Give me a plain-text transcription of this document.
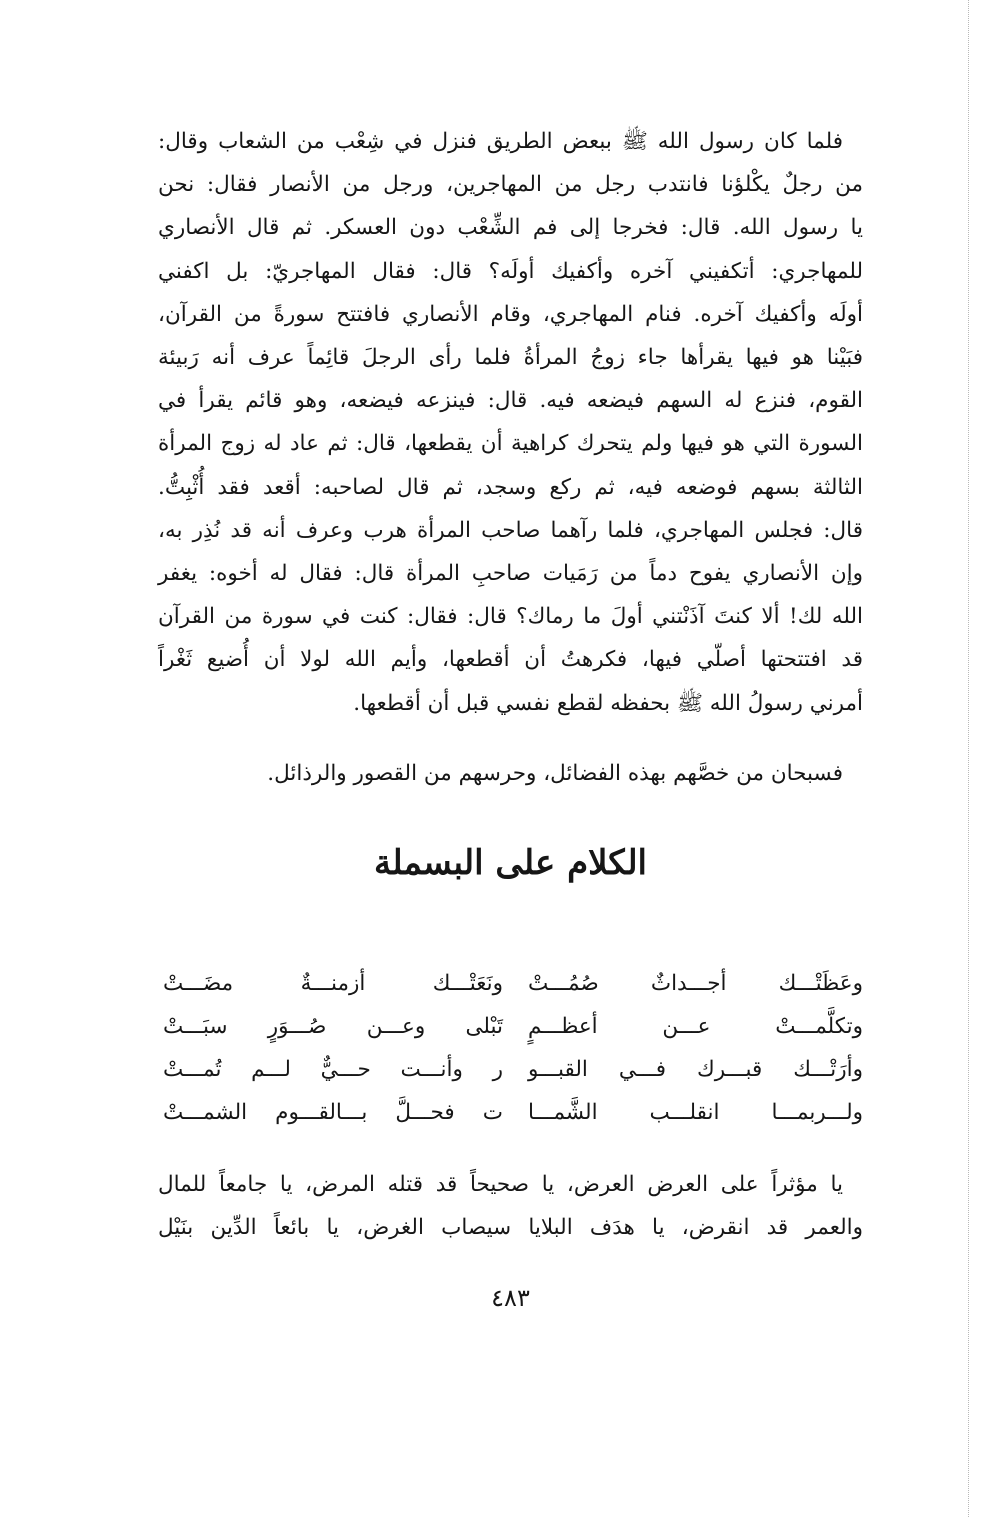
فلما كان رسول الله ﷺ ببعض الطريق فنزل في شِعْب من الشعاب وقال:
من رجلٌ يكْلؤنا فانتدب رجل من المهاجرين، ورجل من الأنصار فقال: نحن
يا رسول الله. قال: فخرجا إلى فم الشِّعْب دون العسكر. ثم قال الأنصاري
للمهاجري: أتكفيني آخره وأكفيك أولَه؟ قال: فقال المهاجريّ: بل اكفني
أولَه وأكفيك آخره. فنام المهاجري، وقام الأنصاري فافتتح سورةً من القرآن،
فبَيْنا هو فيها يقرأها جاء زوجُ المرأةُ فلما رأى الرجلَ قائِماً عرف أنه رَبيئة
القوم، فنزع له السهم فيضعه فيه. قال: فينزعه فيضعه، وهو قائم يقرأ في
السورة التي هو فيها ولم يتحرك كراهية أن يقطعها، قال: ثم عاد له زوج المرأة
الثالثة بسهم فوضعه فيه، ثم ركع وسجد، ثم قال لصاحبه: أقعد فقد أُثْبِتُّ.
قال: فجلس المهاجري، فلما رآهما صاحب المرأة هرب وعرف أنه قد نُذِر به،
وإن الأنصاري يفوح دماً من رَمَيات صاحبِ المرأة قال: فقال له أخوه: يغفر
الله لك! ألا كنتَ آذَنْتني أولَ ما رماك؟ قال: فقال: كنت في سورة من القرآن
قد افتتحتها أصلّي فيها، فكرهتُ أن أقطعها، وأيم الله لولا أن أُضيع ثَغْراً
أمرني رسولُ الله ﷺ بحفظه لقطع نفسي قبل أن أقطعها.

فسبحان من خصَّهم بهذه الفضائل، وحرسهم من القصور والرذائل.

الكلام على البسملة
وعَظَتْـــك أجـــداثٌ صُمُـــتْ
ونَعَتْـــك أزمنـــةٌ مضَـــتْ
وتكلَّمـــتْ عـــن أعظـــمٍ
تَبْلى وعـــن صُـــوَرٍ سبَـــتْ
وأرَتْـــك قبـــرك فـــي القبـــو
ر وأنـــت حـــيٌّ لـــم تُمـــتْ
ولـــربمـــا انقلـــب الشَّمـــا
ت فحـــلَّ بـــالقـــوم الشمـــتْ

يا مؤثراً على العرض العرض، يا صحيحاً قد قتله المرض، يا جامعاً للمال
والعمر قد انقرض، يا هدَف البلايا سيصاب الغرض، يا بائعاً الدِّين بنَيْل

٤٨٣
